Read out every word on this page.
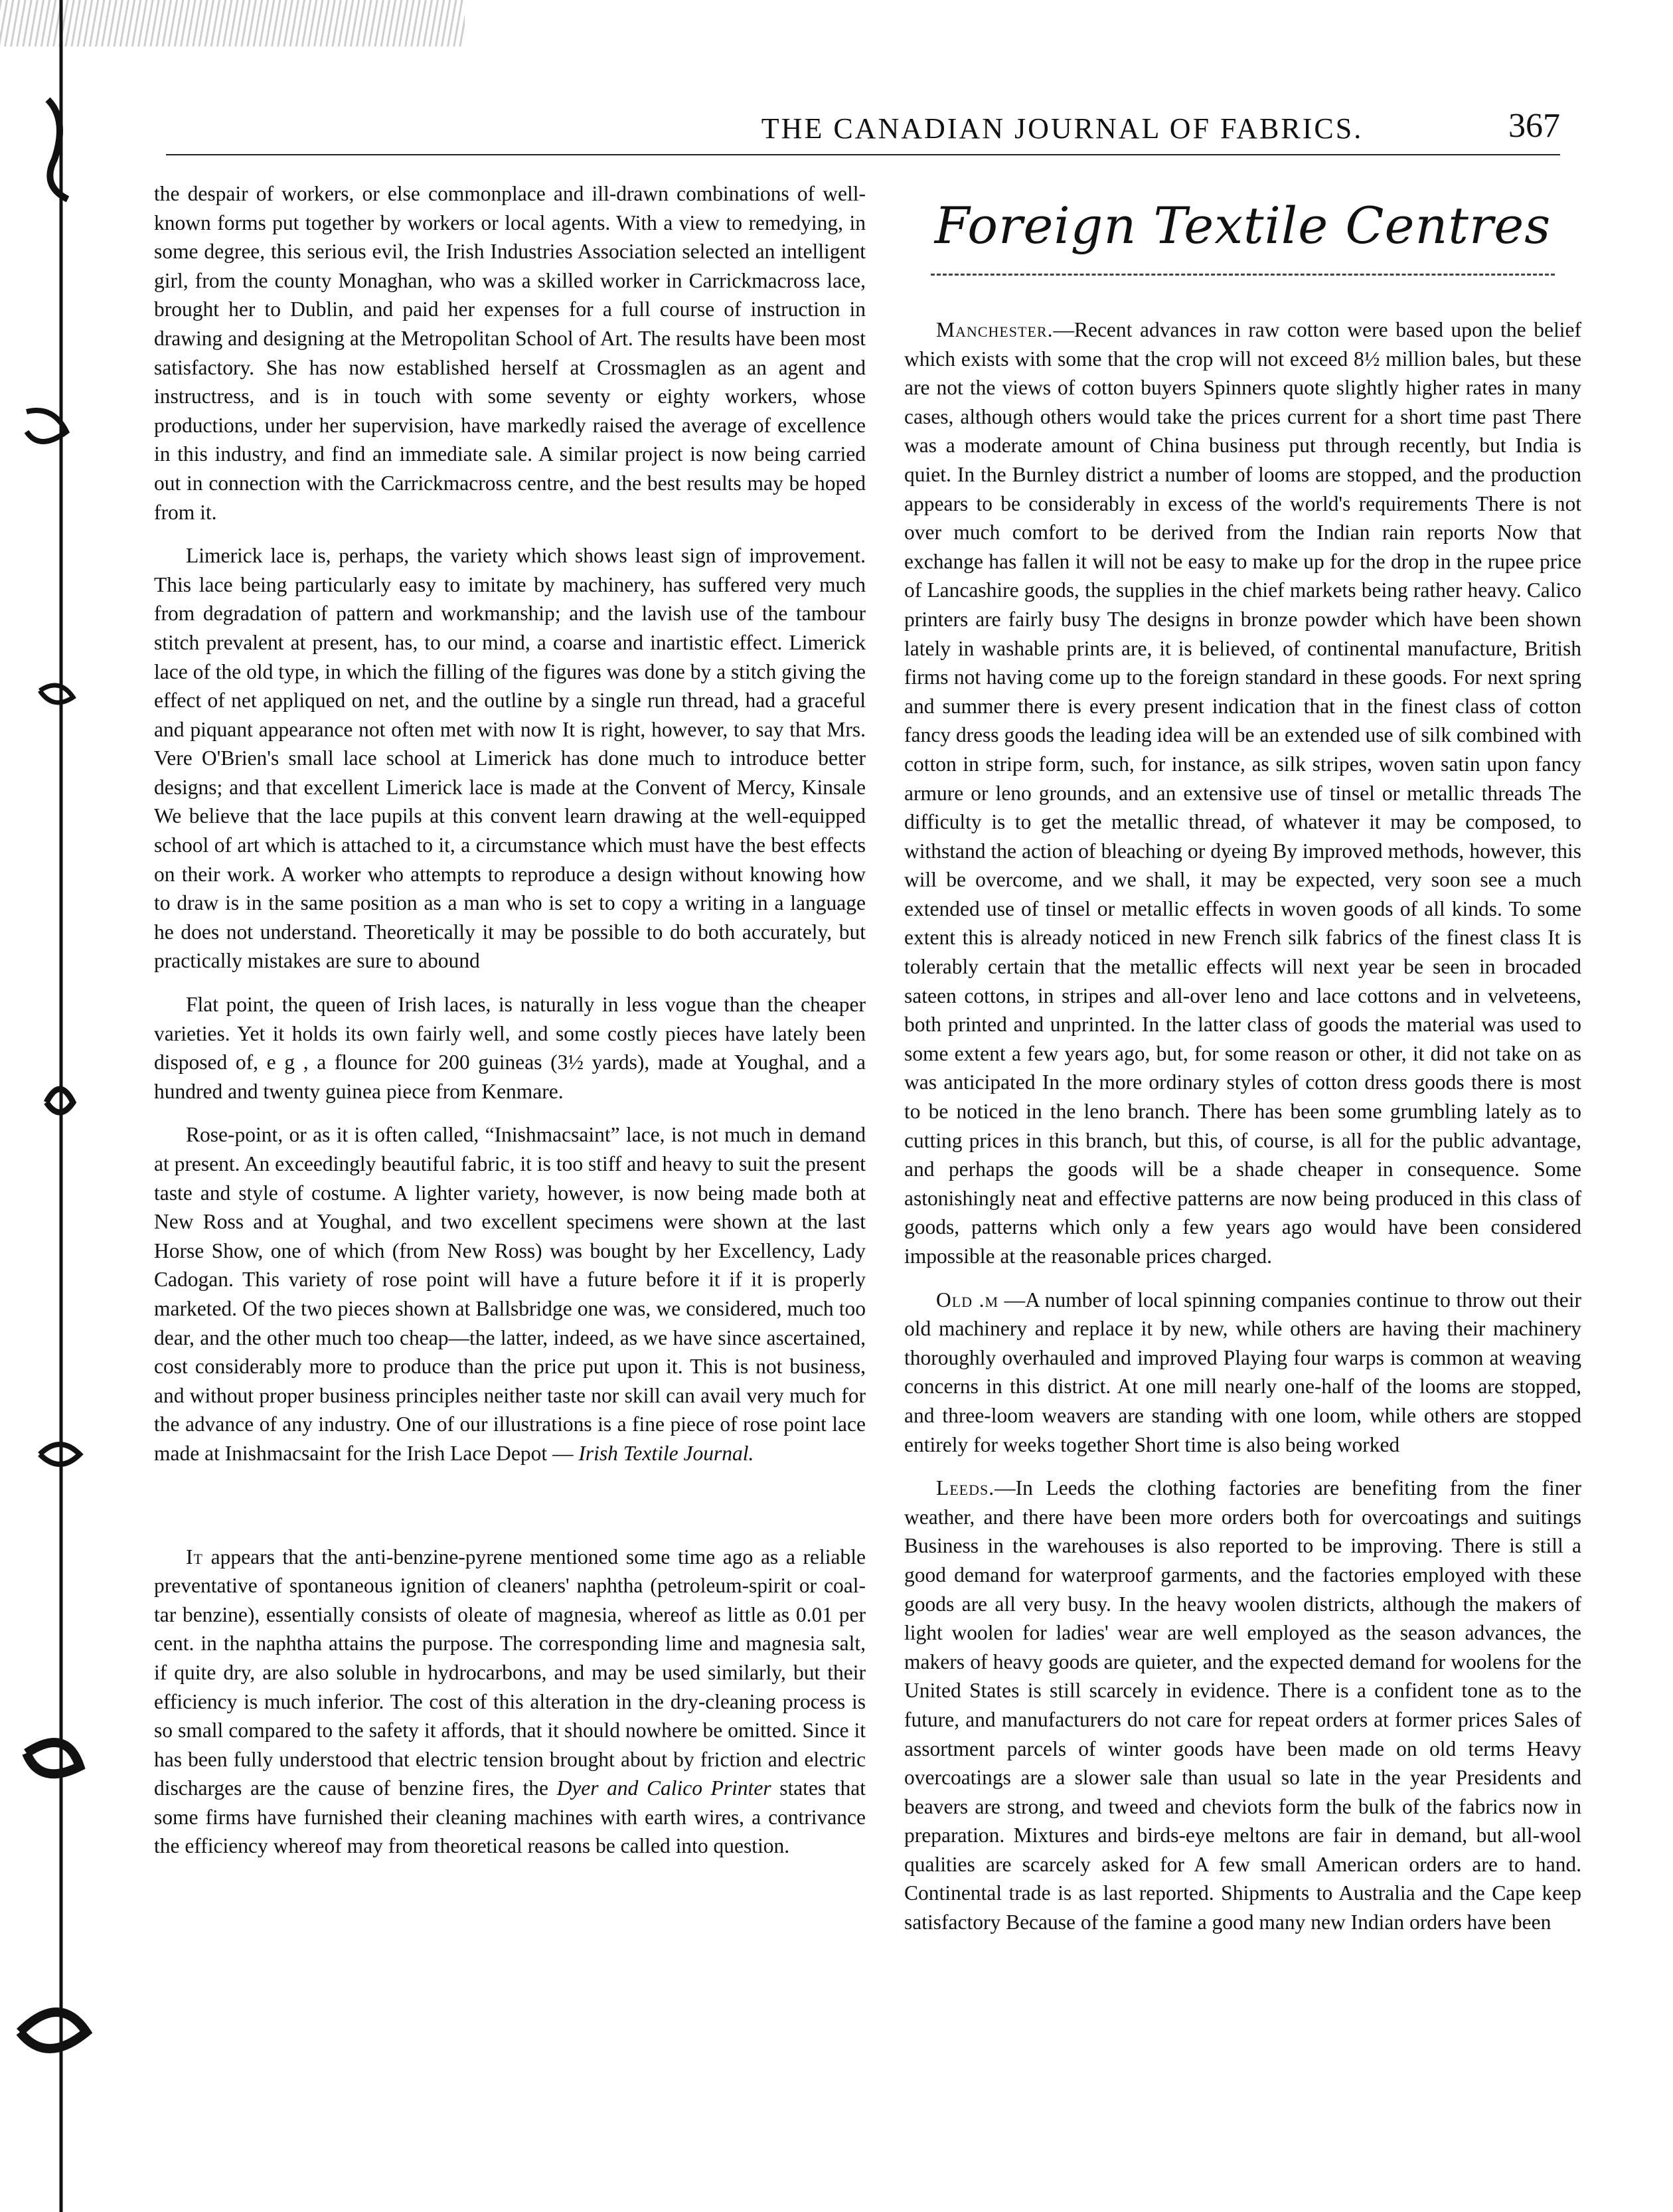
THE CANADIAN JOURNAL OF FABRICS.	367

the despair of workers, or else commonplace and ill-drawn combinations of well-known forms put together by workers or local agents. With a view to remedying, in some degree, this serious evil, the Irish Industries Association selected an intelligent girl, from the county Monaghan, who was a skilled worker in Carrickmacross lace, brought her to Dublin, and paid her expenses for a full course of instruction in drawing and designing at the Metropolitan School of Art. The results have been most satisfactory. She has now established herself at Crossmaglen as an agent and instructress, and is in touch with some seventy or eighty workers, whose productions, under her supervision, have markedly raised the average of excellence in this industry, and find an immediate sale. A similar project is now being carried out in connection with the Carrickmacross centre, and the best results may be hoped from it.

Limerick lace is, perhaps, the variety which shows least sign of improvement. This lace being particularly easy to imitate by machinery, has suffered very much from degradation of pattern and workmanship; and the lavish use of the tambour stitch prevalent at present, has, to our mind, a coarse and inartistic effect. Limerick lace of the old type, in which the filling of the figures was done by a stitch giving the effect of net appliqued on net, and the outline by a single run thread, had a graceful and piquant appearance not often met with now It is right, however, to say that Mrs. Vere O'Brien's small lace school at Limerick has done much to introduce better designs; and that excellent Limerick lace is made at the Convent of Mercy, Kinsale We believe that the lace pupils at this convent learn drawing at the well-equipped school of art which is attached to it, a circumstance which must have the best effects on their work. A worker who attempts to reproduce a design without knowing how to draw is in the same position as a man who is set to copy a writing in a language he does not understand. Theoretically it may be possible to do both accurately, but practically mistakes are sure to abound

Flat point, the queen of Irish laces, is naturally in less vogue than the cheaper varieties. Yet it holds its own fairly well, and some costly pieces have lately been disposed of, e g , a flounce for 200 guineas (3½ yards), made at Youghal, and a hundred and twenty guinea piece from Kenmare.

Rose-point, or as it is often called, “Inishmacsaint” lace, is not much in demand at present. An exceedingly beautiful fabric, it is too stiff and heavy to suit the present taste and style of costume. A lighter variety, however, is now being made both at New Ross and at Youghal, and two excellent specimens were shown at the last Horse Show, one of which (from New Ross) was bought by her Excellency, Lady Cadogan. This variety of rose point will have a future before it if it is properly marketed. Of the two pieces shown at Ballsbridge one was, we considered, much too dear, and the other much too cheap—the latter, indeed, as we have since ascertained, cost considerably more to produce than the price put upon it. This is not business, and without proper business principles neither taste nor skill can avail very much for the advance of any industry. One of our illustrations is a fine piece of rose point lace made at Inishmacsaint for the Irish Lace Depot — Irish Textile Journal.

It appears that the anti-benzine-pyrene mentioned some time ago as a reliable preventative of spontaneous ignition of cleaners' naphtha (petroleum-spirit or coal-tar benzine), essentially consists of oleate of magnesia, whereof as little as 0.01 per cent. in the naphtha attains the purpose. The corresponding lime and magnesia salt, if quite dry, are also soluble in hydrocarbons, and may be used similarly, but their efficiency is much inferior. The cost of this alteration in the dry-cleaning process is so small compared to the safety it affords, that it should nowhere be omitted. Since it has been fully understood that electric tension brought about by friction and electric discharges are the cause of benzine fires, the Dyer and Calico Printer states that some firms have furnished their cleaning machines with earth wires, a contrivance the efficiency whereof may from theoretical reasons be called into question.

Foreign Textile Centres

Manchester.—Recent advances in raw cotton were based upon the belief which exists with some that the crop will not exceed 8½ million bales, but these are not the views of cotton buyers Spinners quote slightly higher rates in many cases, although others would take the prices current for a short time past There was a moderate amount of China business put through recently, but India is quiet. In the Burnley district a number of looms are stopped, and the production appears to be considerably in excess of the world's requirements There is not over much comfort to be derived from the Indian rain reports Now that exchange has fallen it will not be easy to make up for the drop in the rupee price of Lancashire goods, the supplies in the chief markets being rather heavy. Calico printers are fairly busy The designs in bronze powder which have been shown lately in washable prints are, it is believed, of continental manufacture, British firms not having come up to the foreign standard in these goods. For next spring and summer there is every present indication that in the finest class of cotton fancy dress goods the leading idea will be an extended use of silk combined with cotton in stripe form, such, for instance, as silk stripes, woven satin upon fancy armure or leno grounds, and an extensive use of tinsel or metallic threads The difficulty is to get the metallic thread, of whatever it may be composed, to withstand the action of bleaching or dyeing By improved methods, however, this will be overcome, and we shall, it may be expected, very soon see a much extended use of tinsel or metallic effects in woven goods of all kinds. To some extent this is already noticed in new French silk fabrics of the finest class It is tolerably certain that the metallic effects will next year be seen in brocaded sateen cottons, in stripes and all-over leno and lace cottons and in velveteens, both printed and unprinted. In the latter class of goods the material was used to some extent a few years ago, but, for some reason or other, it did not take on as was anticipated In the more ordinary styles of cotton dress goods there is most to be noticed in the leno branch. There has been some grumbling lately as to cutting prices in this branch, but this, of course, is all for the public advantage, and perhaps the goods will be a shade cheaper in consequence. Some astonishingly neat and effective patterns are now being produced in this class of goods, patterns which only a few years ago would have been considered impossible at the reasonable prices charged.

Old .m —A number of local spinning companies continue to throw out their old machinery and replace it by new, while others are having their machinery thoroughly overhauled and improved Playing four warps is common at weaving concerns in this district. At one mill nearly one-half of the looms are stopped, and three-loom weavers are standing with one loom, while others are stopped entirely for weeks together Short time is also being worked

Leeds.—In Leeds the clothing factories are benefiting from the finer weather, and there have been more orders both for overcoatings and suitings Business in the warehouses is also reported to be improving. There is still a good demand for waterproof garments, and the factories employed with these goods are all very busy. In the heavy woolen districts, although the makers of light woolen for ladies' wear are well employed as the season advances, the makers of heavy goods are quieter, and the expected demand for woolens for the United States is still scarcely in evidence. There is a confident tone as to the future, and manufacturers do not care for repeat orders at former prices Sales of assortment parcels of winter goods have been made on old terms Heavy overcoatings are a slower sale than usual so late in the year Presidents and beavers are strong, and tweed and cheviots form the bulk of the fabrics now in preparation. Mixtures and birds-eye meltons are fair in demand, but all-wool qualities are scarcely asked for A few small American orders are to hand. Continental trade is as last reported. Shipments to Australia and the Cape keep satisfactory Because of the famine a good many new Indian orders have been
